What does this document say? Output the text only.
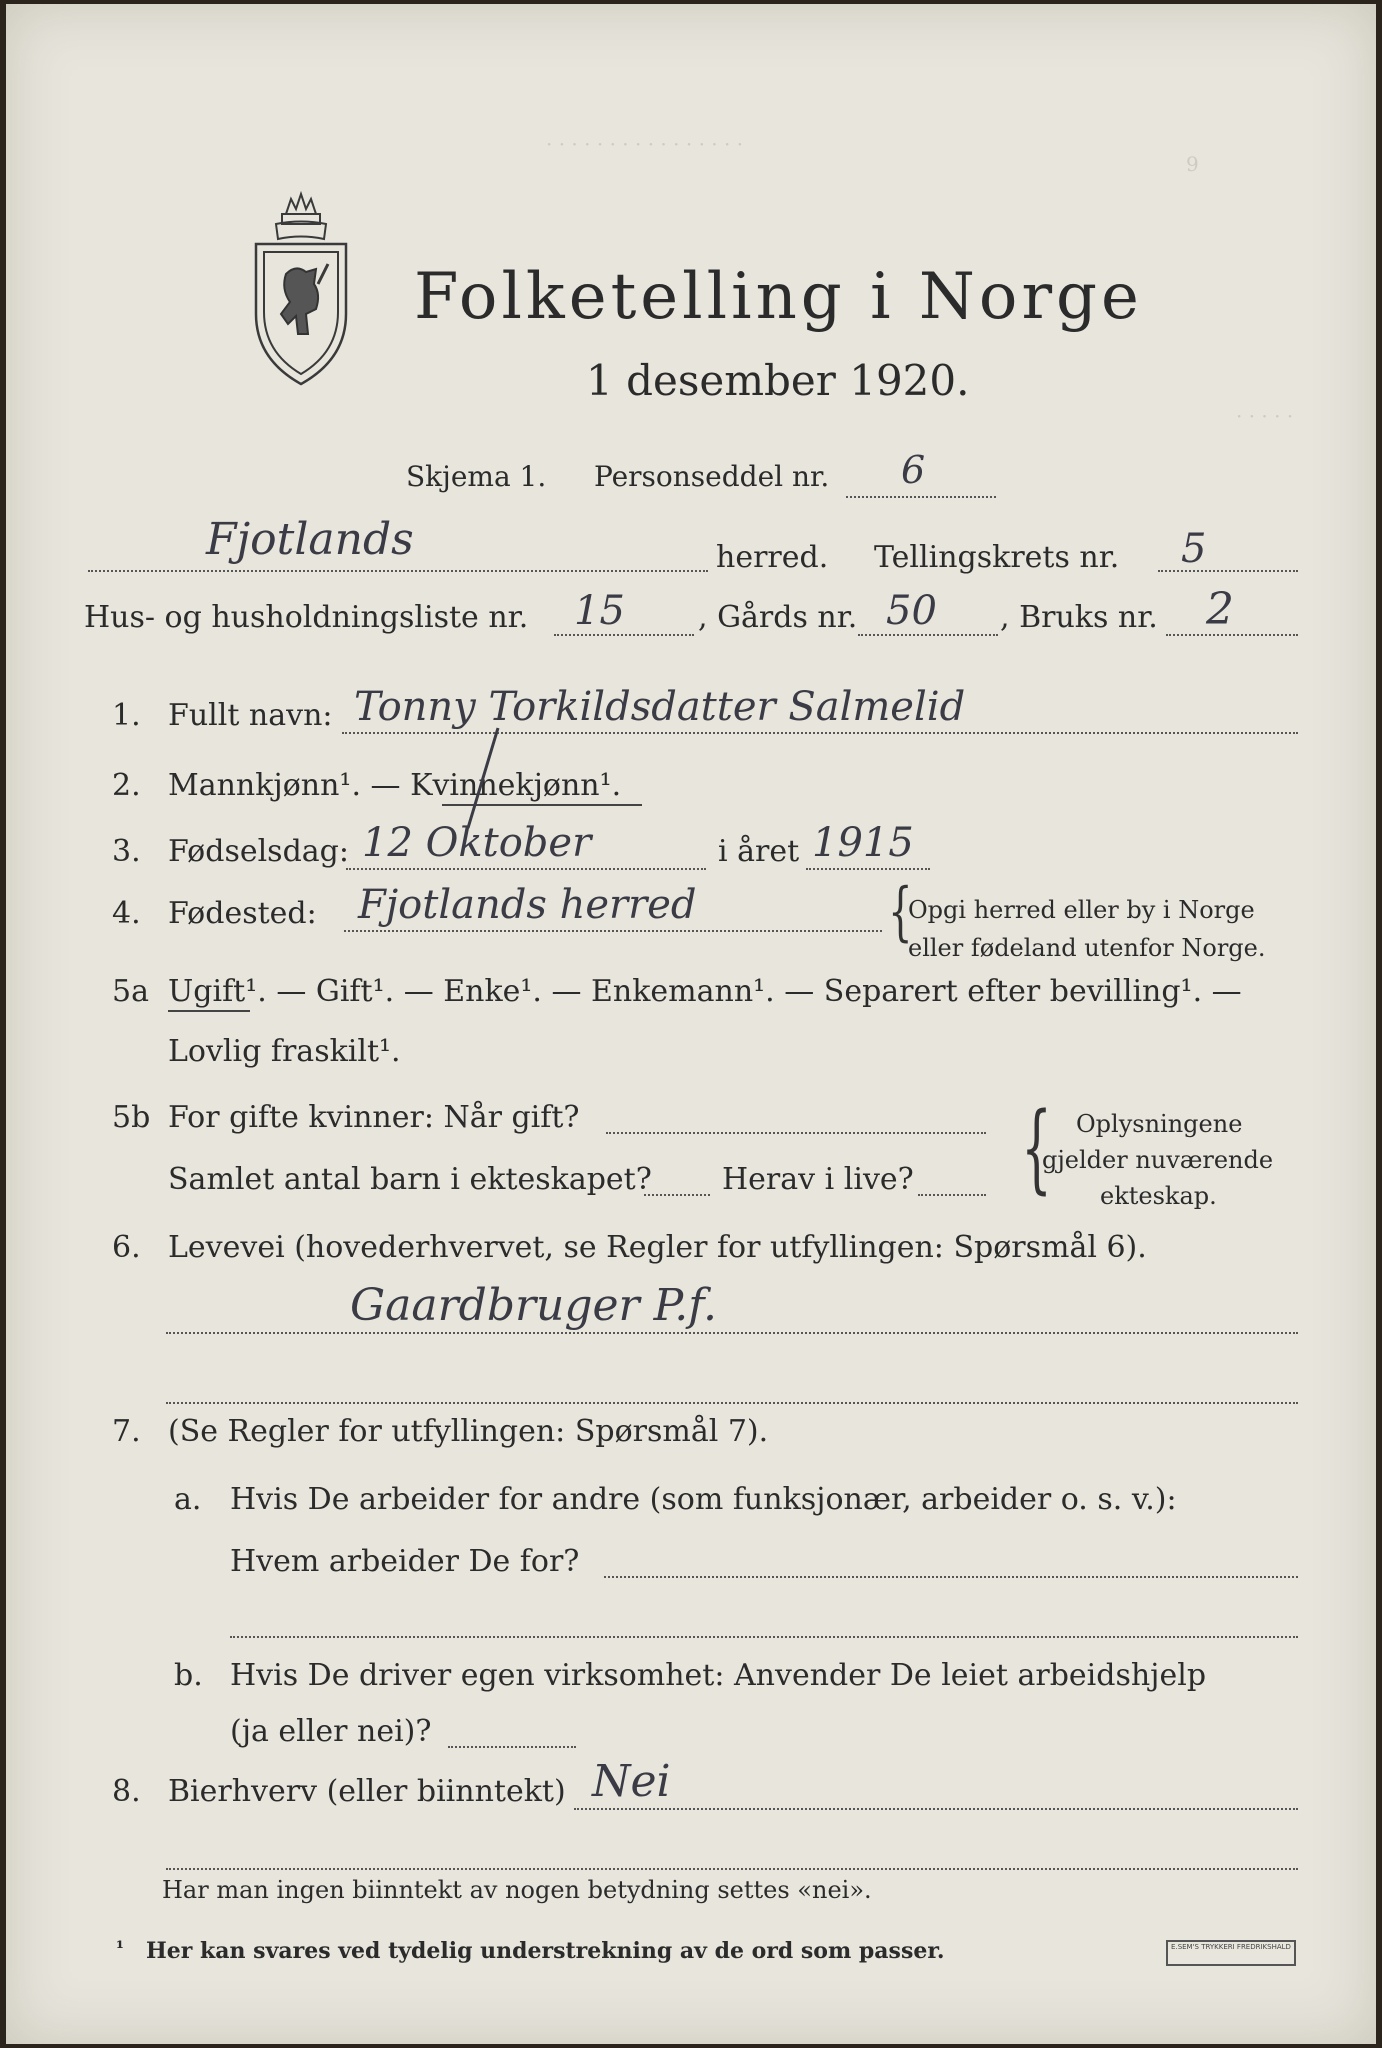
· · · · · · · · · · · · · · · ·
9
· · · · ·
Folketelling i Norge
1 desember 1920.
Skjema 1. Personseddel nr. 6
Fjotlands	herred. Tellingskrets nr. 5
Hus- og husholdningsliste nr. 15 , Gårds nr. 50 , Bruks nr. 2
1. Fullt navn: Tonny Torkildsdatter Salmelid
2. Mannkjønn¹. — Kvinnekjønn¹.
3. Fødselsdag: 12 Oktober	i året 1915
4. Fødested: Fjotlands herred	{
Opgi herred eller by i Norge
eller fødeland utenfor Norge.
5a Ugift¹. — Gift¹. — Enke¹. — Enkemann¹. — Separert efter bevilling¹. —
Lovlig fraskilt¹.
5b For gifte kvinner: Når gift?
Samlet antal barn i ekteskapet? Herav i live? { Oplysningene
gjelder nuværende
ekteskap.
6. Levevei (hovederhvervet, se Regler for utfyllingen: Spørsmål 6).
Gaardbruger P.f.
7. (Se Regler for utfyllingen: Spørsmål 7).
a. Hvis De arbeider for andre (som funksjonær, arbeider o. s. v.):
Hvem arbeider De for?
b. Hvis De driver egen virksomhet: Anvender De leiet arbeidshjelp
(ja eller nei)?
8. Bierhverv (eller biinntekt) Nei
Har man ingen biinntekt av nogen betydning settes «nei».
¹ Her kan svares ved tydelig understrekning av de ord som passer.	E.SEM'S TRYKKERI FREDRIKSHALD
